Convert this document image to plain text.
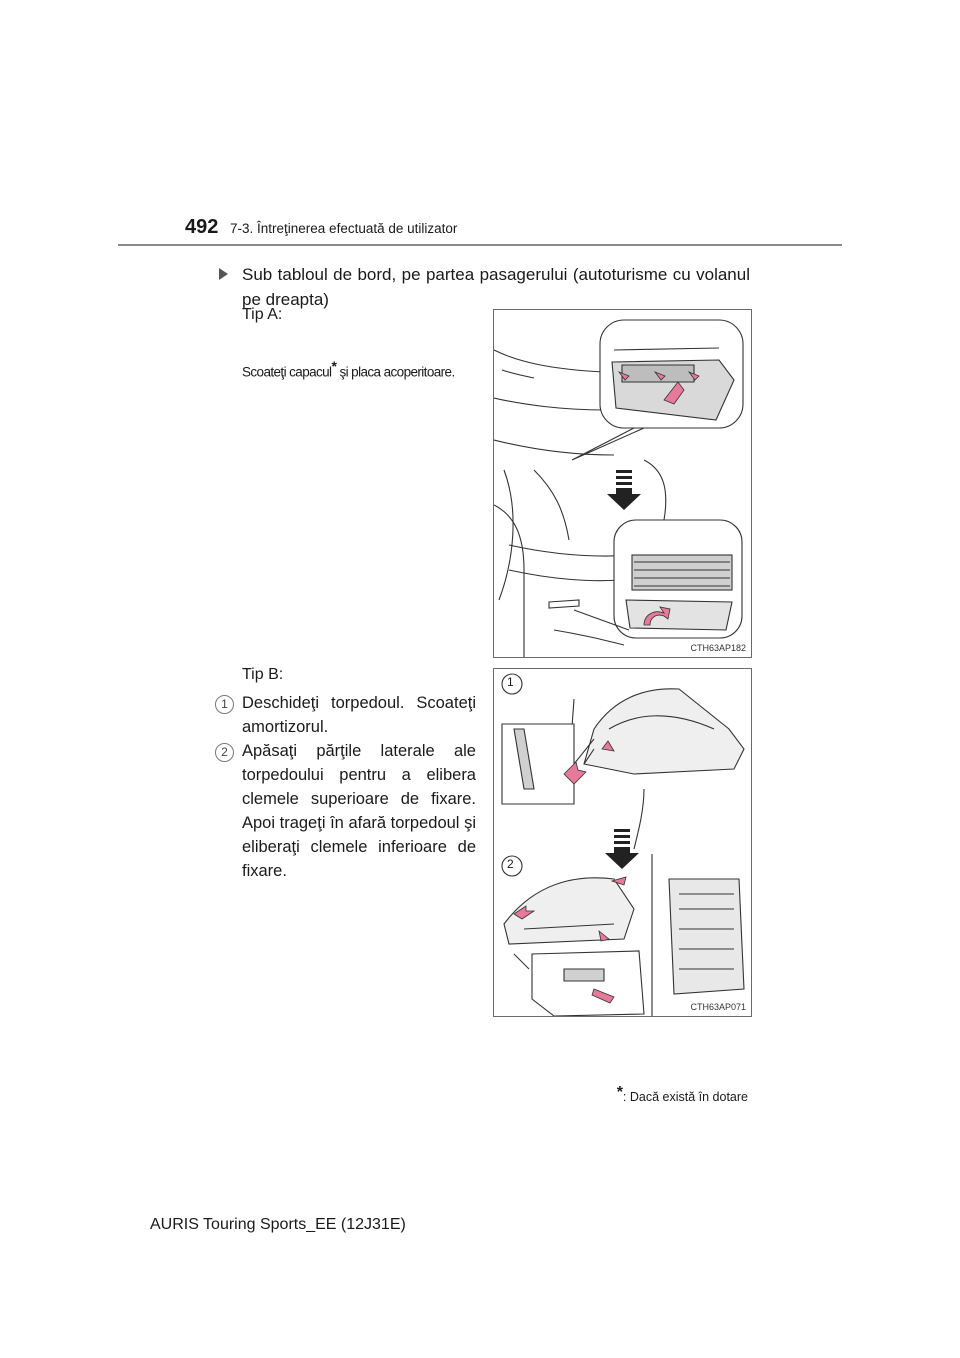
492 7-3. Întreţinerea efectuată de utilizator
Sub tabloul de bord, pe partea pasagerului (autoturisme cu volanul pe dreapta)
Tip A:
Scoateţi capacul* şi placa acoperitoare.
CTH63AP182
Tip B:
1 Deschideţi torpedoul. Scoateţi amortizorul.
2 Apăsaţi părţile laterale ale torpedoului pentru a elibera clemele superioare de fixare. Apoi trageţi în afară torpedoul şi eliberaţi clemele inferioare de fixare.
1
2
CTH63AP071
*: Dacă există în dotare
AURIS Touring Sports_EE (12J31E)
